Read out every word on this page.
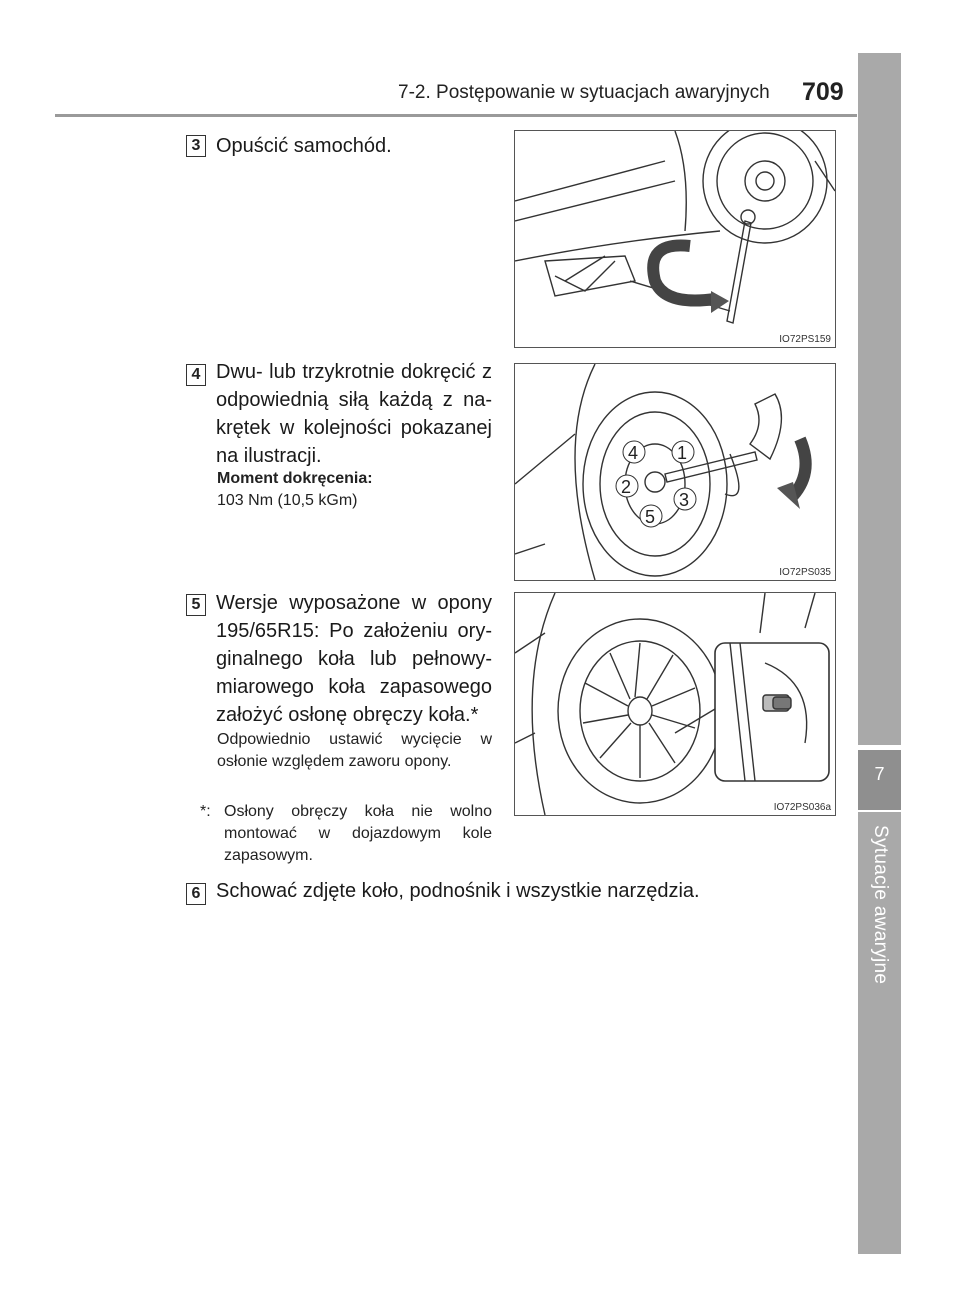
7-2. Postępowanie w sytuacjach awaryjnych 709
7
Sytuacje awaryjne
3 Opuścić samochód.

IO72PS159
4 Dwu- lub trzykrotnie dokręcić z odpowiednią siłą każdą z na-krętek w kolejności pokazanej na ilustracji.

Moment dokręcenia:
103 Nm (10,5 kGm)
4 1
2
3
5
IO72PS035
5 Wersje wyposażone w opony 195/65R15: Po założeniu ory-ginalnego koła lub pełnowy-miarowego koła zapasowego założyć osłonę obręczy koła.*

Odpowiednio ustawić wycięcie w osłonie względem zaworu opony.

*: Osłony obręczy koła nie wolno montować w dojazdowym kole zapasowym.
IO72PS036a
6 Schować zdjęte koło, podnośnik i wszystkie narzędzia.
